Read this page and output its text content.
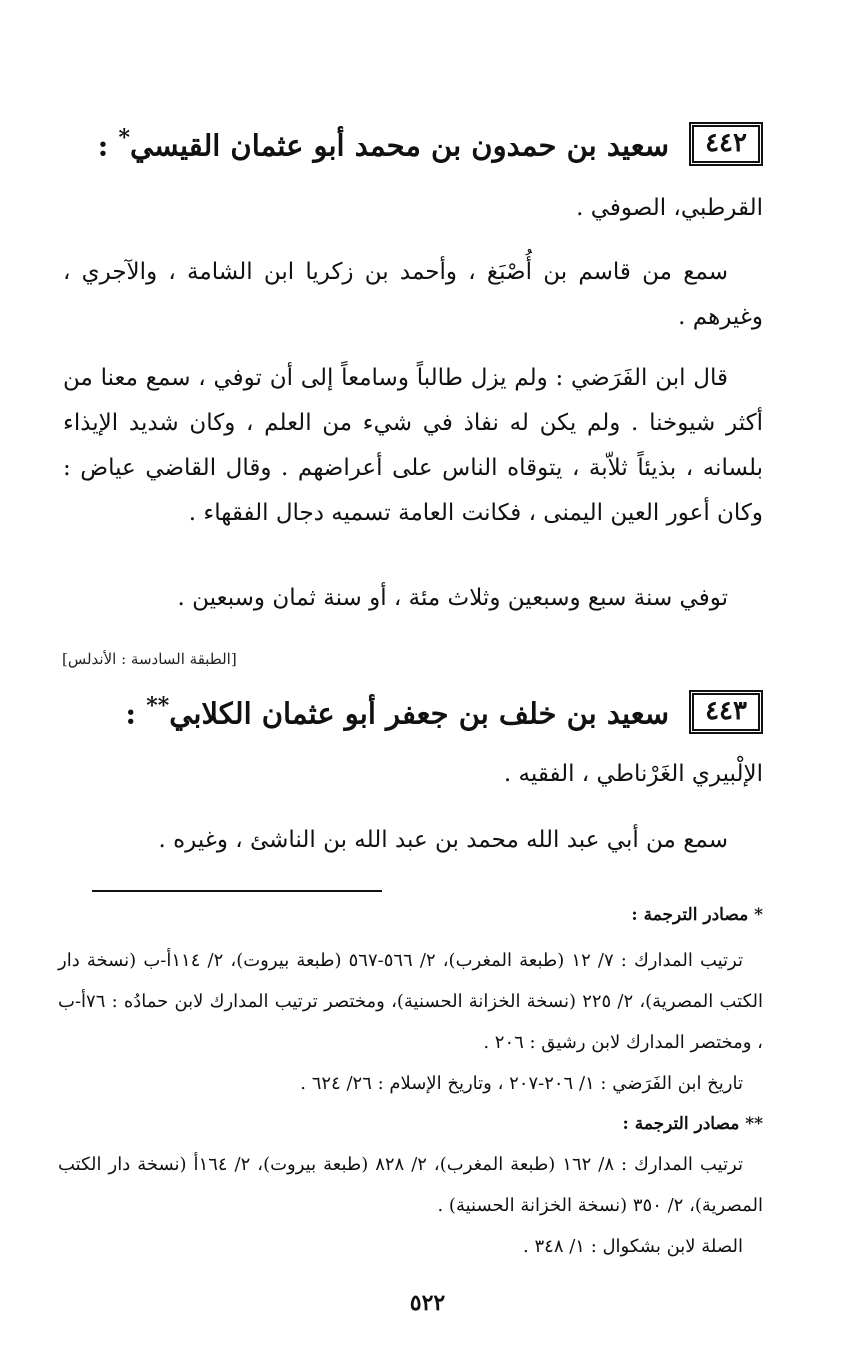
٤٤٢
سعيد بن حمدون بن محمد أبو عثمان القيسي* :
القرطبي، الصوفي .
سمع من قاسم بن أُصْبَغ ، وأحمد بن زكريا ابن الشامة ، والآجري ، وغيرهم .
قال ابن الفَرَضي : ولم يزل طالباً وسامعاً إلى أن توفي ، سمع معنا من أكثر شيوخنا . ولم يكن له نفاذ في شيء من العلم ، وكان شديد الإيذاء بلسانه ، بذيئاً ثلاّبة ، يتوقاه الناس على أعراضهم . وقال القاضي عياض : وكان أعور العين اليمنى ، فكانت العامة تسميه دجال الفقهاء .
توفي سنة سبع وسبعين وثلاث مئة ، أو سنة ثمان وسبعين .
[الطبقة السادسة : الأندلس]
٤٤٣
سعيد بن خلف بن جعفر أبو عثمان الكلابي** :
الإلْبيري الغَرْناطي ، الفقيه .
سمع من أبي عبد الله محمد بن عبد الله بن الناشئ ، وغيره .
* مصادر الترجمة :
ترتيب المدارك : ٧/ ١٢ (طبعة المغرب)، ٢/ ٥٦٦-٥٦٧ (طبعة بيروت)، ٢/ ١١٤أ-ب (نسخة دار الكتب المصرية)، ٢/ ٢٢٥ (نسخة الخزانة الحسنية)، ومختصر ترتيب المدارك لابن حمادُه : ٧٦أ-ب ، ومختصر المدارك لابن رشيق : ٢٠٦ .
تاريخ ابن الفَرَضي : ١/ ٢٠٦-٢٠٧ ، وتاريخ الإسلام : ٢٦/ ٦٢٤ .
** مصادر الترجمة :
ترتيب المدارك : ٨/ ١٦٢ (طبعة المغرب)، ٢/ ٨٢٨ (طبعة بيروت)، ٢/ ١٦٤أ (نسخة دار الكتب المصرية)، ٢/ ٣٥٠ (نسخة الخزانة الحسنية) .
الصلة لابن بشكوال : ١/ ٣٤٨ .
٥٢٢
